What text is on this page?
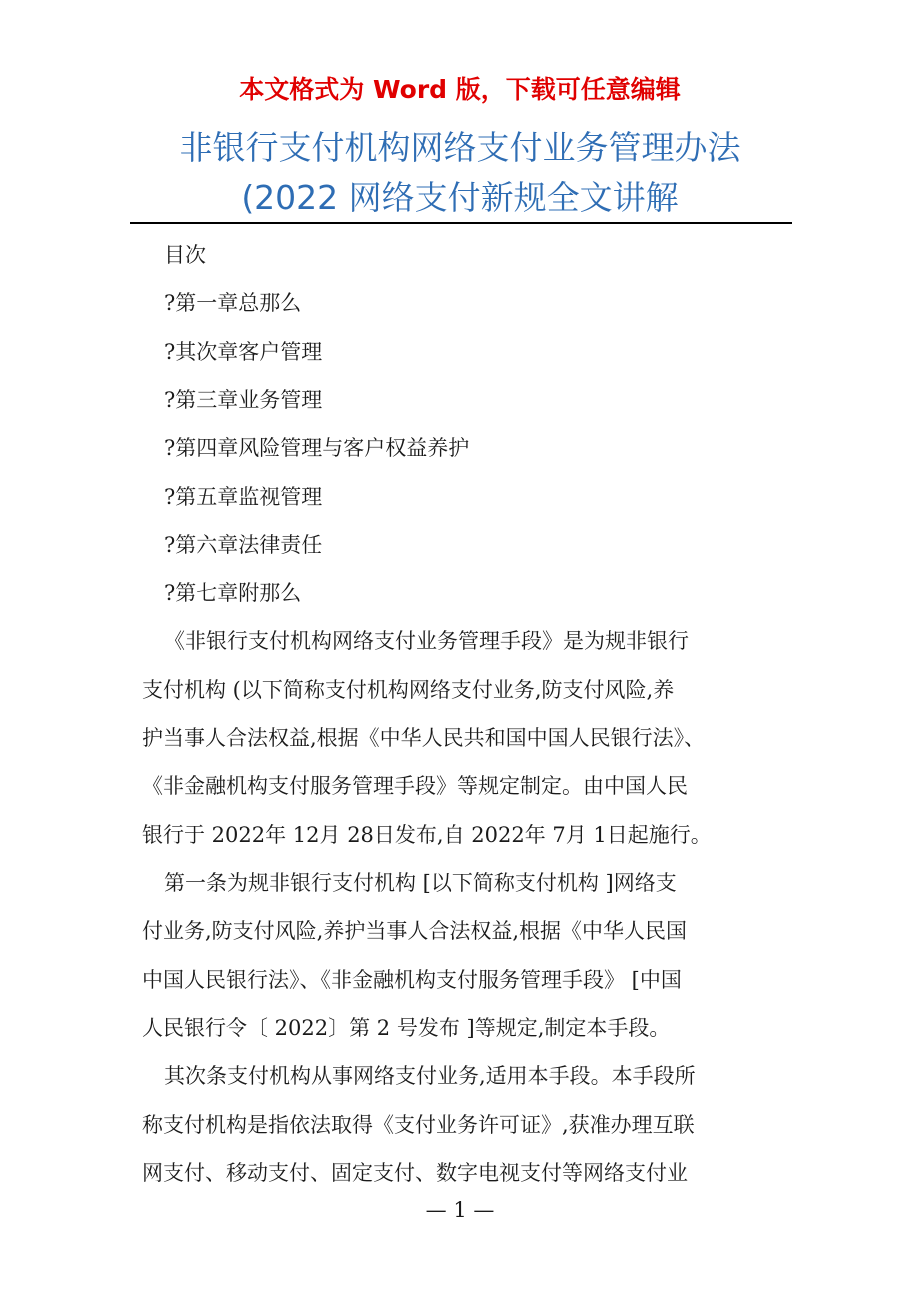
本文格式为 Word 版，下载可任意编辑
非银行支付机构网络支付业务管理办法
(2022 网络支付新规全文讲解
目次
?第一章总那么
?其次章客户管理
?第三章业务管理
?第四章风险管理与客户权益养护
?第五章监视管理
?第六章法律责任
?第七章附那么
《非银行支付机构网络支付业务管理手段》是为规非银行
支付机构 (以下简称支付机构网络支付业务,防支付风险,养
护当事人合法权益,根据《中华人民共和国中国人民银行法》、
《非金融机构支付服务管理手段》等规定制定。由中国人民
银行于 2022年 12月 28日发布,自 2022年 7月 1日起施行。
第一条为规非银行支付机构 [以下简称支付机构 ]网络支
付业务,防支付风险,养护当事人合法权益,根据《中华人民国
中国人民银行法》、《非金融机构支付服务管理手段》 [中国
人民银行令〔 2022〕第 2 号发布 ]等规定,制定本手段。
其次条支付机构从事网络支付业务,适用本手段。本手段所
称支付机构是指依法取得《支付业务许可证》,获准办理互联
网支付、移动支付、固定支付、数字电视支付等网络支付业
— 1 —
